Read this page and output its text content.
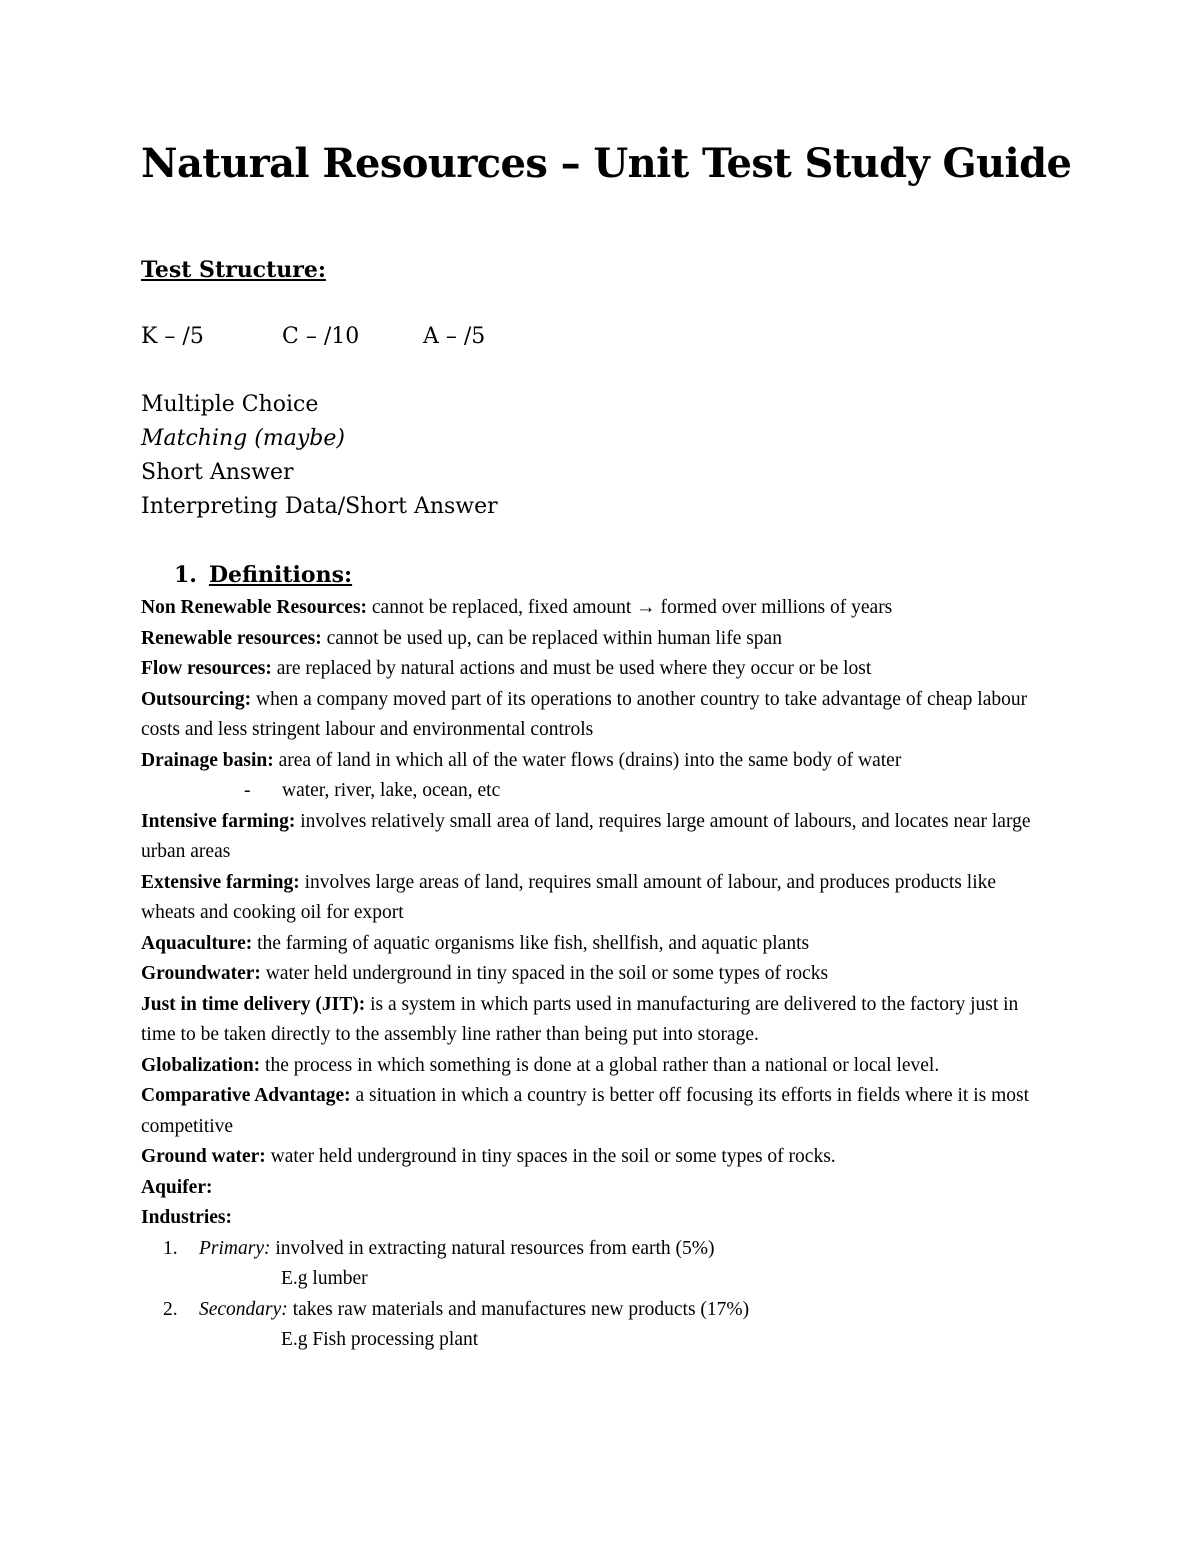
Natural Resources – Unit Test Study Guide
Test Structure:
K – /5	C – /10	A – /5
Multiple Choice
Matching (maybe)
Short Answer
Interpreting Data/Short Answer
1. Definitions:

Non Renewable Resources: cannot be replaced, fixed amount → formed over millions of years

Renewable resources: cannot be used up, can be replaced within human life span

Flow resources: are replaced by natural actions and must be used where they occur or be lost

Outsourcing: when a company moved part of its operations to another country to take advantage of cheap labour costs and less stringent labour and environmental controls

Drainage basin: area of land in which all of the water flows (drains) into the same body of water

- water, river, lake, ocean, etc

Intensive farming: involves relatively small area of land, requires large amount of labours, and locates near large urban areas

Extensive farming: involves large areas of land, requires small amount of labour, and produces products like wheats and cooking oil for export

Aquaculture: the farming of aquatic organisms like fish, shellfish, and aquatic plants

Groundwater: water held underground in tiny spaced in the soil or some types of rocks

Just in time delivery (JIT): is a system in which parts used in manufacturing are delivered to the factory just in time to be taken directly to the assembly line rather than being put into storage.

Globalization: the process in which something is done at a global rather than a national or local level.

Comparative Advantage: a situation in which a country is better off focusing its efforts in fields where it is most competitive

Ground water: water held underground in tiny spaces in the soil or some types of rocks.

Aquifer:

Industries:

1. Primary: involved in extracting natural resources from earth (5%)

E.g lumber

2. Secondary: takes raw materials and manufactures new products (17%)

E.g Fish processing plant
